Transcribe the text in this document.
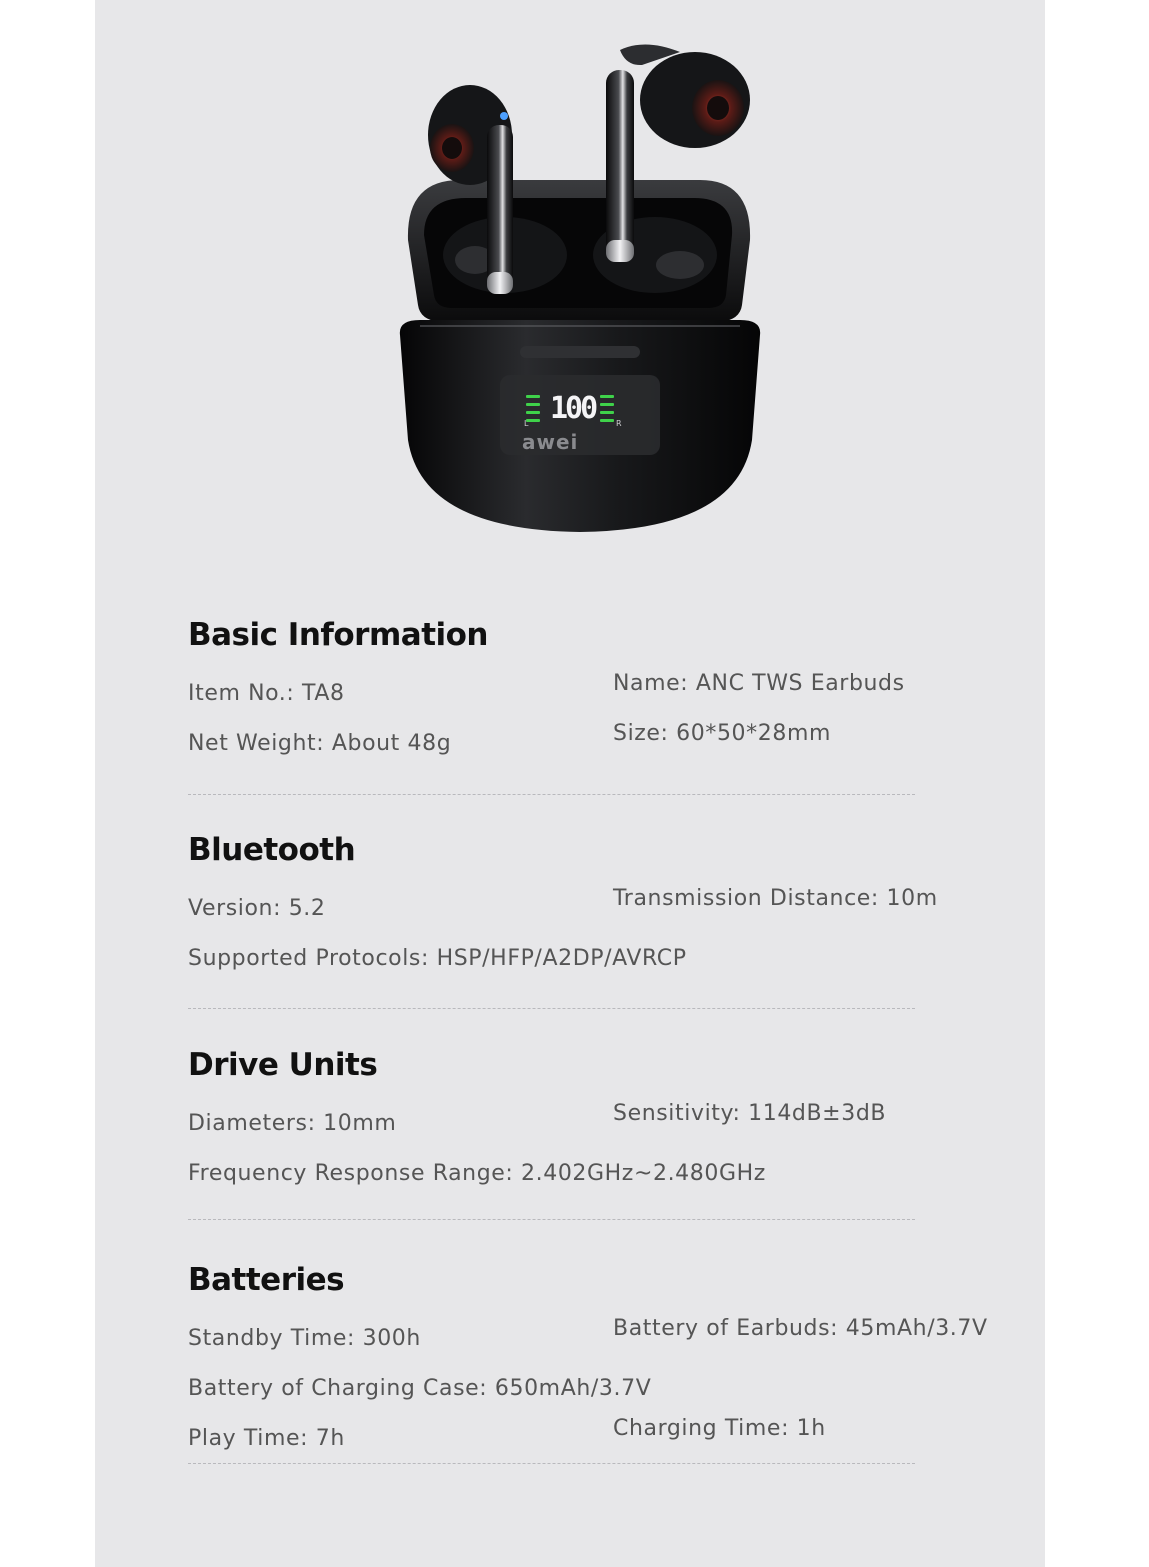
L 100	R
awei
Basic Information

Item No.: TA8	Name: ANC TWS Earbuds

Net Weight: About 48g	Size: 60*50*28mm

Bluetooth

Version: 5.2	Transmission Distance: 10m

Supported Protocols: HSP/HFP/A2DP/AVRCP

Drive Units

Diameters: 10mm	Sensitivity: 114dB±3dB

Frequency Response Range: 2.402GHz~2.480GHz

Batteries

Standby Time: 300h	Battery of Earbuds: 45mAh/3.7V

Battery of Charging Case: 650mAh/3.7V

Play Time: 7h	Charging Time: 1h
